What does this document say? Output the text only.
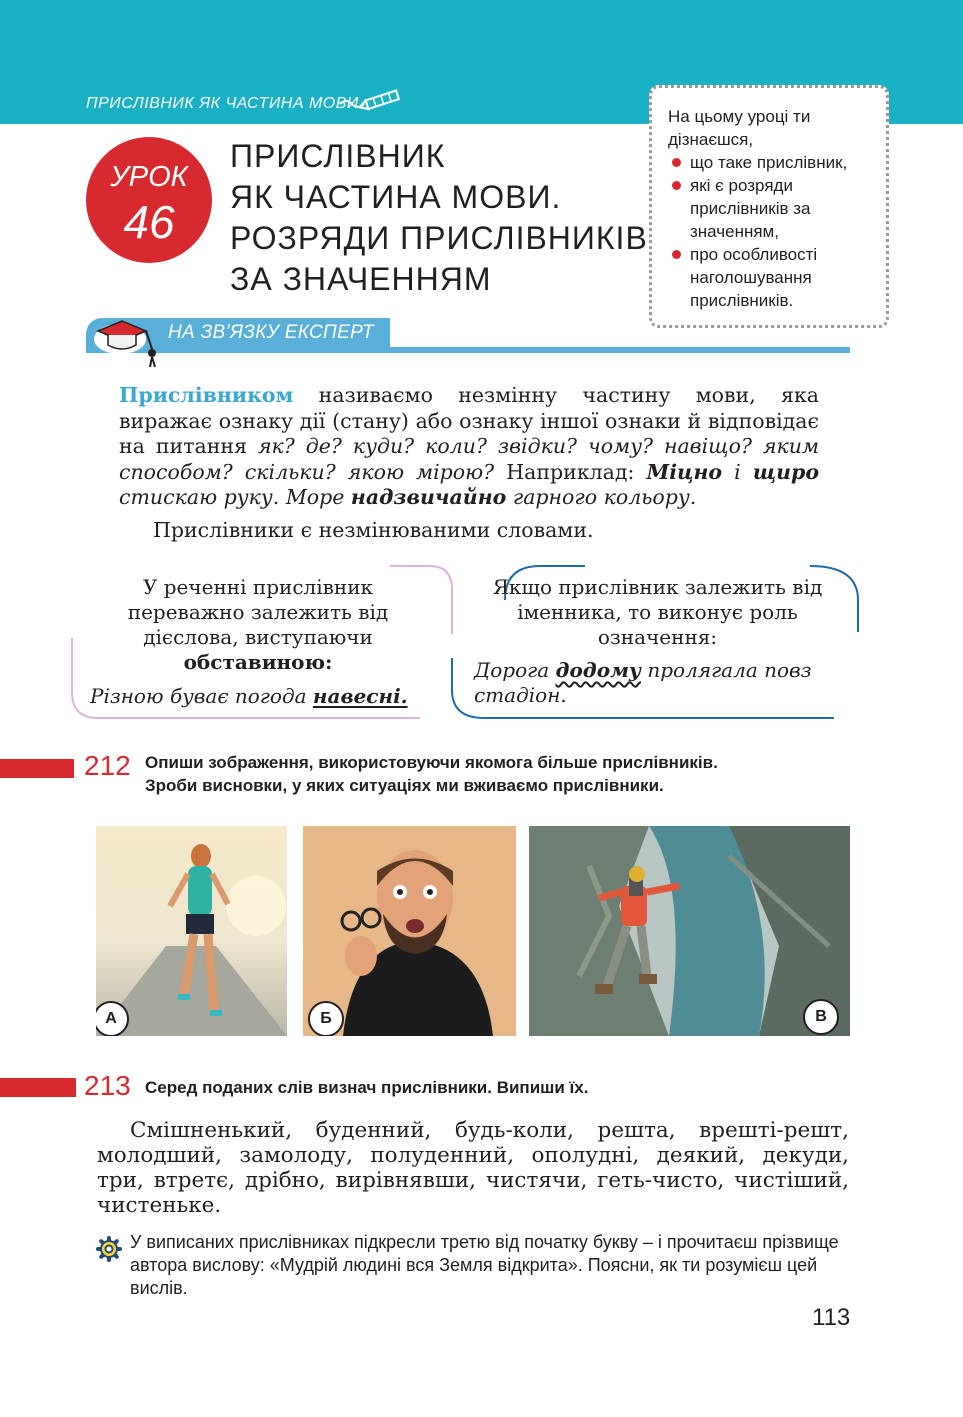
ПРИСЛІВНИК ЯК ЧАСТИНА МОВИ
УРОК
46
ПРИСЛІВНИК
ЯК ЧАСТИНА МОВИ.
РОЗРЯДИ ПРИСЛІВНИКІВ
ЗА ЗНАЧЕННЯМ
На цьому уроці ти дізнаєшся,
що таке прислівник,
які є розряди прислівників за значенням,
про особливості наголошування прислівників.
НА ЗВ’ЯЗКУ ЕКСПЕРТ
Прислівником називаємо незмінну частину мови, яка виражає ознаку дії (стану) або ознаку іншої ознаки й відповідає на питання як? де? куди? коли? звідки? чому? навіщо? яким способом? скільки? якою мірою? Наприклад: Міцно і щиро стискаю руку. Море надзвичайно гарного кольору.
Прислівники є незмінюваними словами.
У реченні прислівник переважно залежить від дієслова, виступаючи
обставиною:
Різною буває погода навесні.
Якщо прислівник залежить від іменника, то виконує роль означення:
Дорога додому пролягала повз стадіон.
212 Опиши зображення, використовуючи якомога більше прислівників.
Зроби висновки, у яких ситуаціях ми вживаємо прислівники.
А	Б	В
213 Серед поданих слів визнач прислівники. Випиши їх.
Смішненький, буденний, будь-коли, решта, врешті-решт, молодший, замолоду, полуденний, ополудні, деякий, декуди, три, втретє, дрібно, вирівнявши, чистячи, геть-чисто, чистіший, чистеньке.
У виписаних прислівниках підкресли третю від початку букву – і прочитаєш прізвище автора вислову: «Мудрій людині вся Земля відкрита». Поясни, як ти розумієш цей вислів.
113
